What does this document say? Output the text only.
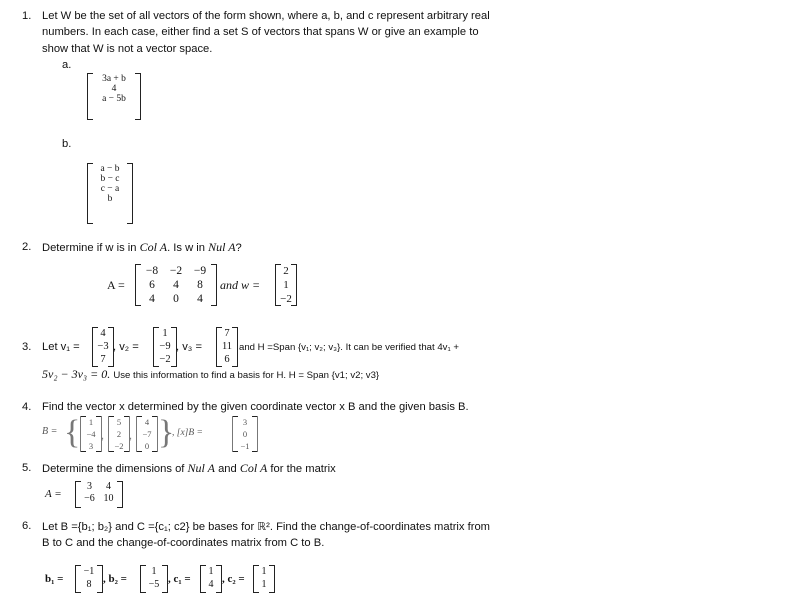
1. Let W be the set of all vectors of the form shown, where a, b, and c represent arbitrary real
numbers. In each case, either find a set S of vectors that spans W or give an example to
show that W is not a vector space.
a.
3a + b
4
a − 5b
b.
a − b
b − c
c − a
b
2. Determine if w is in Col A. Is w in Nul A?
A =
−8	−2	−9
6	4	8
4	0	4
and w =
2
1
−2
3. Let v₁ =
4
−3
7
, v₂ =
1
−9
−2
, v₃ =
7
11
6
and H =Span {v₁; v₂; v₃}. It can be verified that 4v₁ +
5v₂ − 3v₃ = 0. Use this information to find a basis for H. H = Span {v1; v2; v3}
4. Find the vector x determined by the given coordinate vector x B and the given basis B.
B = {	1
−4
3
,
5
2
−2
,
4
−7
0 }
, [x]B =
3
0
−1
5. Determine the dimensions of Nul A and Col A for the matrix
A =
3	4
−6 10
6. Let B ={b₁; b₂} and C ={c₁; c2} be bases for ℝ². Find the change-of-coordinates matrix from
B to C and the change-of-coordinates matrix from C to B.
b₁ =
−1
8	, b₂ =
1
−5 , c₁ =
1
4 , c₂ =
1
1
